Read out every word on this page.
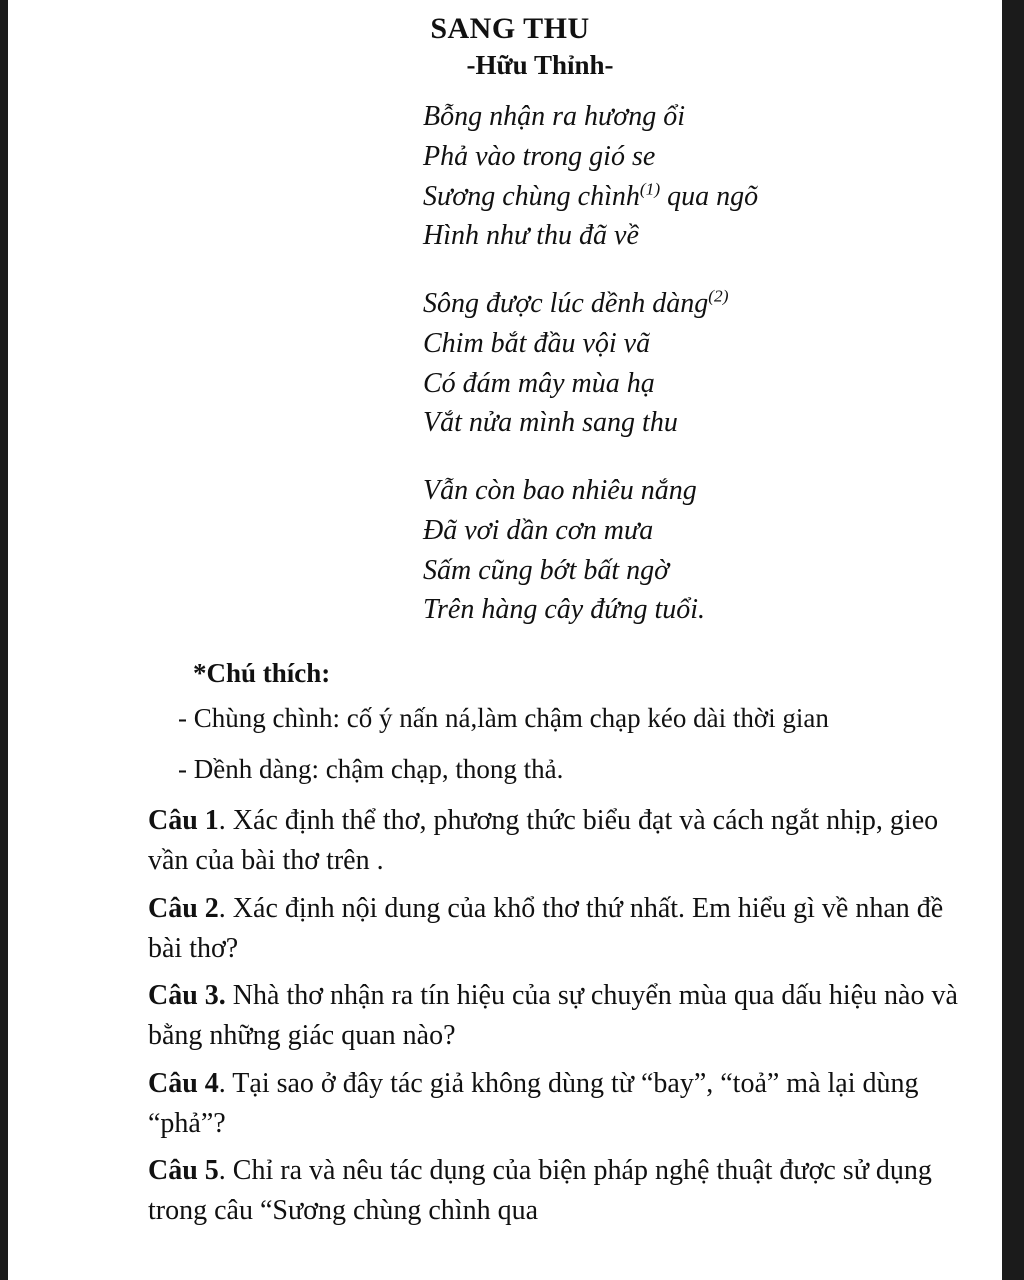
SANG THU
-Hữu Thỉnh-
Bỗng nhận ra hương ổi
Phả vào trong gió se
Sương chùng chình$^{(1)}$ qua ngõ
Hình như thu đã về
Sông được lúc dềnh dàng$^{(2)}$
Chim bắt đầu vội vã
Có đám mây mùa hạ
Vắt nửa mình sang thu
Vẫn còn bao nhiêu nắng
Đã vơi dần cơn mưa
Sấm cũng bớt bất ngờ
Trên hàng cây đứng tuổi.
*Chú thích:
- Chùng chình: cố ý nấn ná,làm chậm chạp kéo dài thời gian
- Dềnh dàng: chậm chạp, thong thả.
Câu 1. Xác định thể thơ, phương thức biểu đạt và cách ngắt nhịp, gieo vần của bài thơ trên .
Câu 2. Xác định nội dung của khổ thơ thứ nhất. Em hiểu gì về nhan đề bài thơ?
Câu 3. Nhà thơ nhận ra tín hiệu của sự chuyển mùa qua dấu hiệu nào và bằng những giác quan nào?
Câu 4. Tại sao ở đây tác giả không dùng từ “bay”, “toả” mà lại dùng “phả”?
Câu 5. Chỉ ra và nêu tác dụng của biện pháp nghệ thuật được sử dụng trong câu “Sương chùng chình qua
